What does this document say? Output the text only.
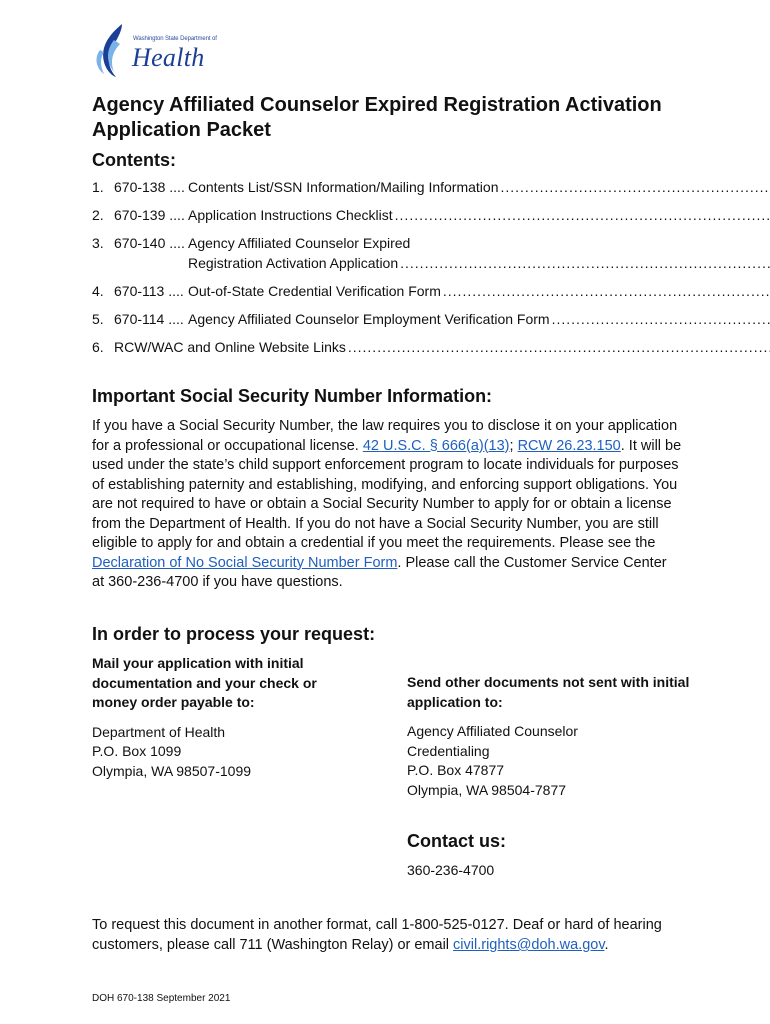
Washington State Department of
Health
Agency Affiliated Counselor Expired Registration Activation Application Packet
Contents:
1. 670-138 .... Contents List/SSN Information/Mailing Information
.....
2. 670-139 .... Application Instructions Checklist
.....
3. 670-140 .... Agency Affiliated Counselor Expired
Registration Activation Application
.....
4. 670-113 .... Out-of-State Credential Verification Form
.....
5. 670-114 .... Agency Affiliated Counselor Employment Verification Form
.....
6. RCW/WAC and Online Website Links
.....
Important Social Security Number Information:

If you have a Social Security Number, the law requires you to disclose it on your application for a professional or occupational license. 42 U.S.C. § 666(a)(13); RCW 26.23.150. It will be used under the state’s child support enforcement program to locate individuals for purposes of establishing paternity and establishing, modifying, and enforcing support obligations. You are not required to have or obtain a Social Security Number to apply for or obtain a license from the Department of Health. If you do not have a Social Security Number, you are still eligible to apply for and obtain a credential if you meet the requirements. Please see the Declaration of No Social Security Number Form. Please call the Customer Service Center at 360-236-4700 if you have questions.

In order to process your request:

Mail your application with initial documentation and your check or money order payable to:

Department of Health
P.O. Box 1099
Olympia, WA 98507-1099

Send other documents not sent with initial application to:

Agency Affiliated Counselor
Credentialing
P.O. Box 47877
Olympia, WA 98504-7877

Contact us:
360-236-4700

To request this document in another format, call 1-800-525-0127. Deaf or hard of hearing customers, please call 711 (Washington Relay) or email civil.rights@doh.wa.gov.

DOH 670-138 September 2021
